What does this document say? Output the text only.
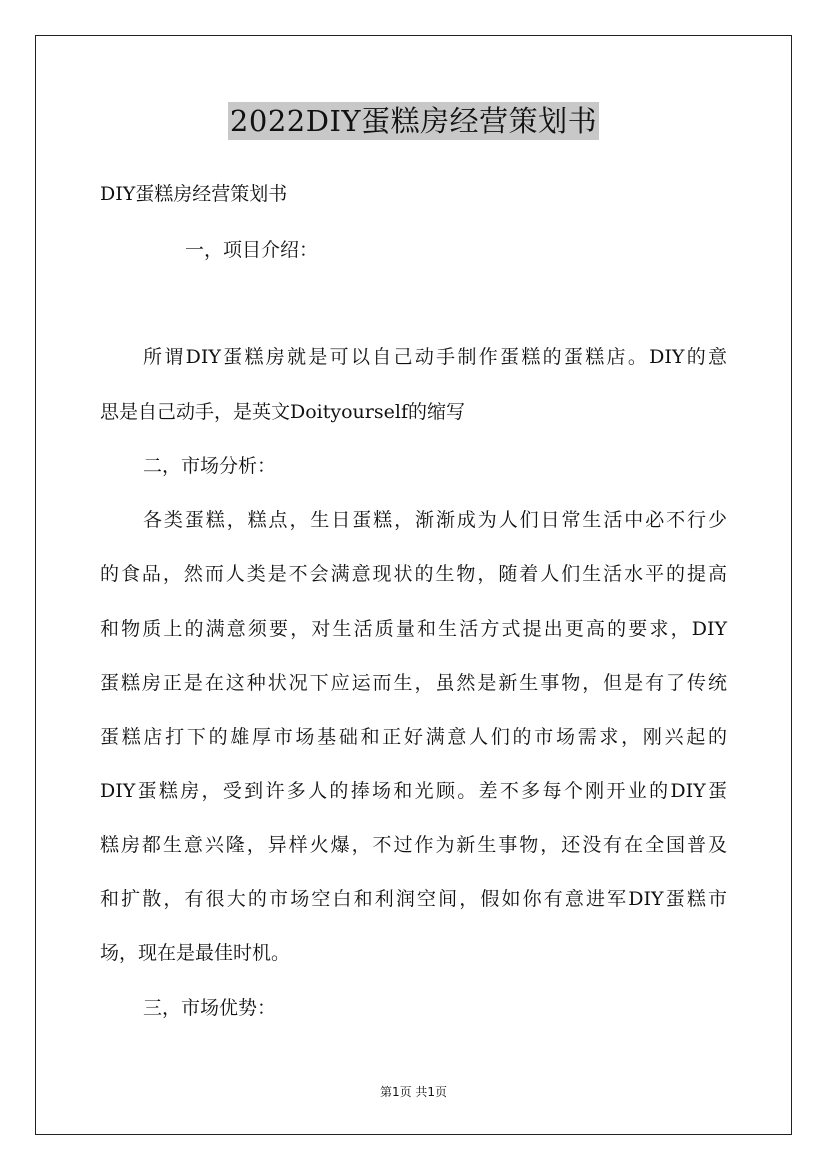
2022DIY蛋糕房经营策划书
DIY蛋糕房经营策划书
一，项目介绍：
所谓DIY蛋糕房就是可以自己动手制作蛋糕的蛋糕店。DIY的意
思是自己动手，是英文Doityourself的缩写
二，市场分析：
各类蛋糕，糕点，生日蛋糕，渐渐成为人们日常生活中必不行少
的食品，然而人类是不会满意现状的生物，随着人们生活水平的提高
和物质上的满意须要，对生活质量和生活方式提出更高的要求，DIY
蛋糕房正是在这种状况下应运而生，虽然是新生事物，但是有了传统
蛋糕店打下的雄厚市场基础和正好满意人们的市场需求，刚兴起的
DIY蛋糕房，受到许多人的捧场和光顾。差不多每个刚开业的DIY蛋
糕房都生意兴隆，异样火爆，不过作为新生事物，还没有在全国普及
和扩散，有很大的市场空白和利润空间，假如你有意进军DIY蛋糕市
场，现在是最佳时机。
三，市场优势：
第1页 共1页
